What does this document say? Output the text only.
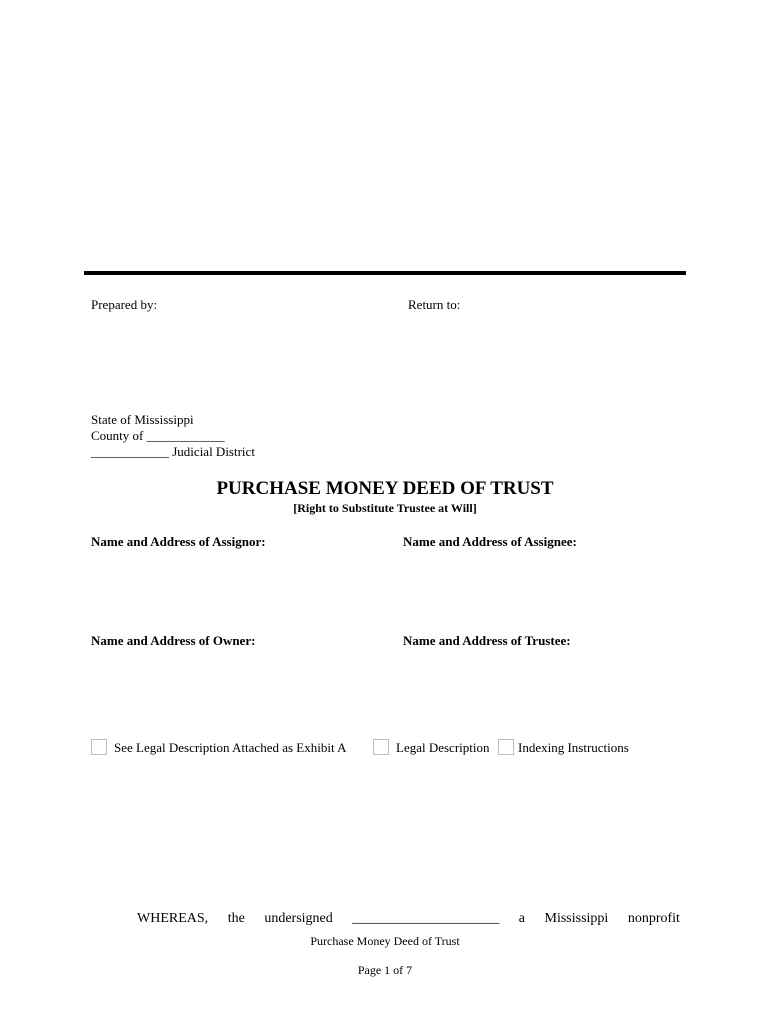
Prepared by:	Return to:
State of Mississippi
County of ____________
____________ Judicial District
PURCHASE MONEY DEED OF TRUST
[Right to Substitute Trustee at Will]
Name and Address of Assignor:	Name and Address of Assignee:
Name and Address of Owner:	Name and Address of Trustee:
See Legal Description Attached as Exhibit A	Legal Description Indexing Instructions
WHEREAS, the undersigned _____________________ a Mississippi nonprofit
Purchase Money Deed of Trust
Page 1 of 7
